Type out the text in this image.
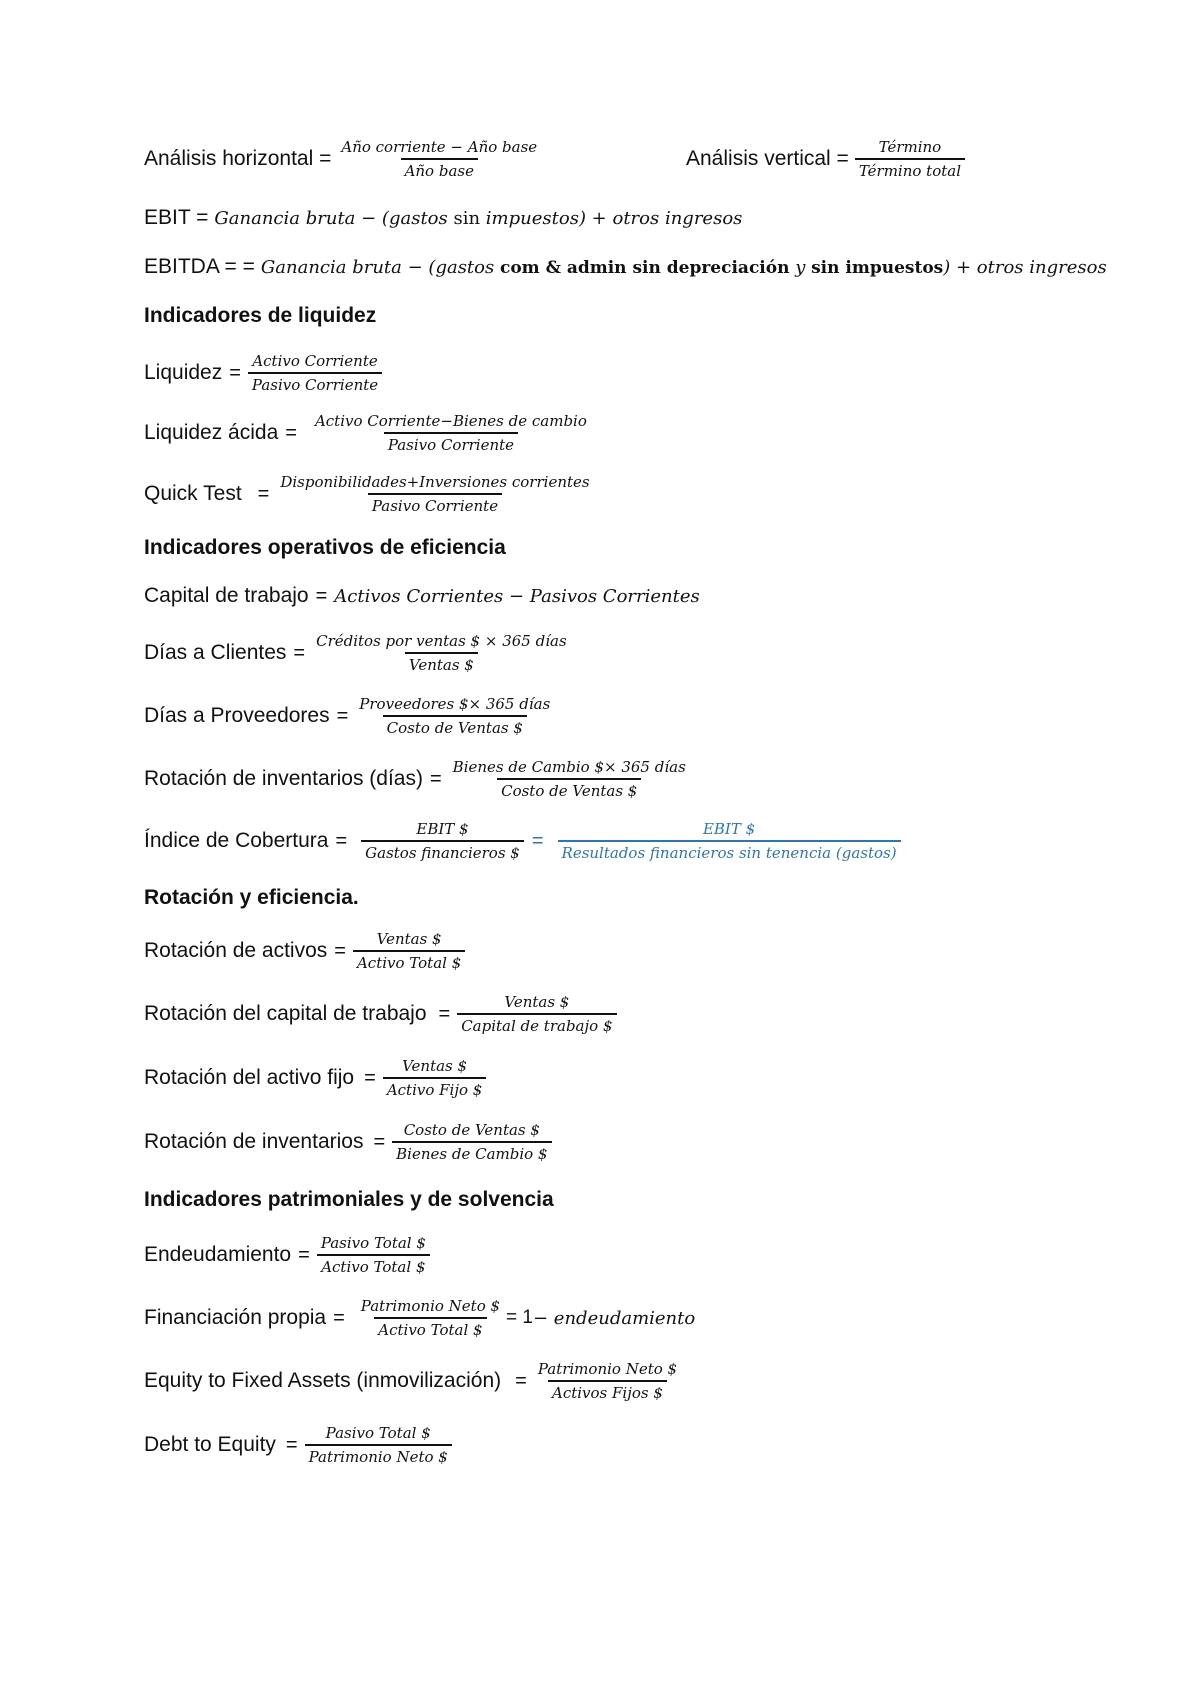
Análisis horizontal = $\frac{\text{Año corriente − Año base}}{\text{Año base}}$	Análisis vertical = $\frac{\text{Término}}{\text{Término total}}$
EBIT = Ganancia bruta − (gastos sin impuestos) + otros ingresos
EBITDA = = Ganancia bruta − (gastos com & admin sin depreciación y sin impuestos) + otros ingresos
Indicadores de liquidez
Liquidez = $\frac{\text{Activo Corriente}}{\text{Pasivo Corriente}}$
Liquidez ácida = $\frac{\text{Activo Corriente−Bienes de cambio}}{\text{Pasivo Corriente}}$
Quick Test = $\frac{\text{Disponibilidades+Inversiones corrientes}}{\text{Pasivo Corriente}}$
Indicadores operativos de eficiencia
Capital de trabajo = Activos Corrientes − Pasivos Corrientes
Días a Clientes = $\frac{\text{Créditos por ventas \$ × 365 días}}{\text{Ventas \$}}$
Días a Proveedores = $\frac{\text{Proveedores \$× 365 días}}{\text{Costo de Ventas \$}}$
Rotación de inventarios (días) = $\frac{\text{Bienes de Cambio \$× 365 días}}{\text{Costo de Ventas \$}}$
Índice de Cobertura = $\frac{\text{EBIT \$}}{\text{Gastos financieros \$}} = \frac{\text{EBIT \$}}{\text{Resultados financieros sin tenencia (gastos)}}$
Rotación y eficiencia.
Rotación de activos = $\frac{\text{Ventas \$}}{\text{Activo Total \$}}$
Rotación del capital de trabajo = $\frac{\text{Ventas \$}}{\text{Capital de trabajo \$}}$
Rotación del activo fijo = $\frac{\text{Ventas \$}}{\text{Activo Fijo \$}}$
Rotación de inventarios = $\frac{\text{Costo de Ventas \$}}{\text{Bienes de Cambio \$}}$
Indicadores patrimoniales y de solvencia
Endeudamiento = $\frac{\text{Pasivo Total \$}}{\text{Activo Total \$}}$
Financiación propia = $\frac{\text{Patrimonio Neto \$}}{\text{Activo Total \$}} = 1$ − endeudamiento
Equity to Fixed Assets (inmovilización) = $\frac{\text{Patrimonio Neto \$}}{\text{Activos Fijos \$}}$
Debt to Equity = $\frac{\text{Pasivo Total \$}}{\text{Patrimonio Neto \$}}$
